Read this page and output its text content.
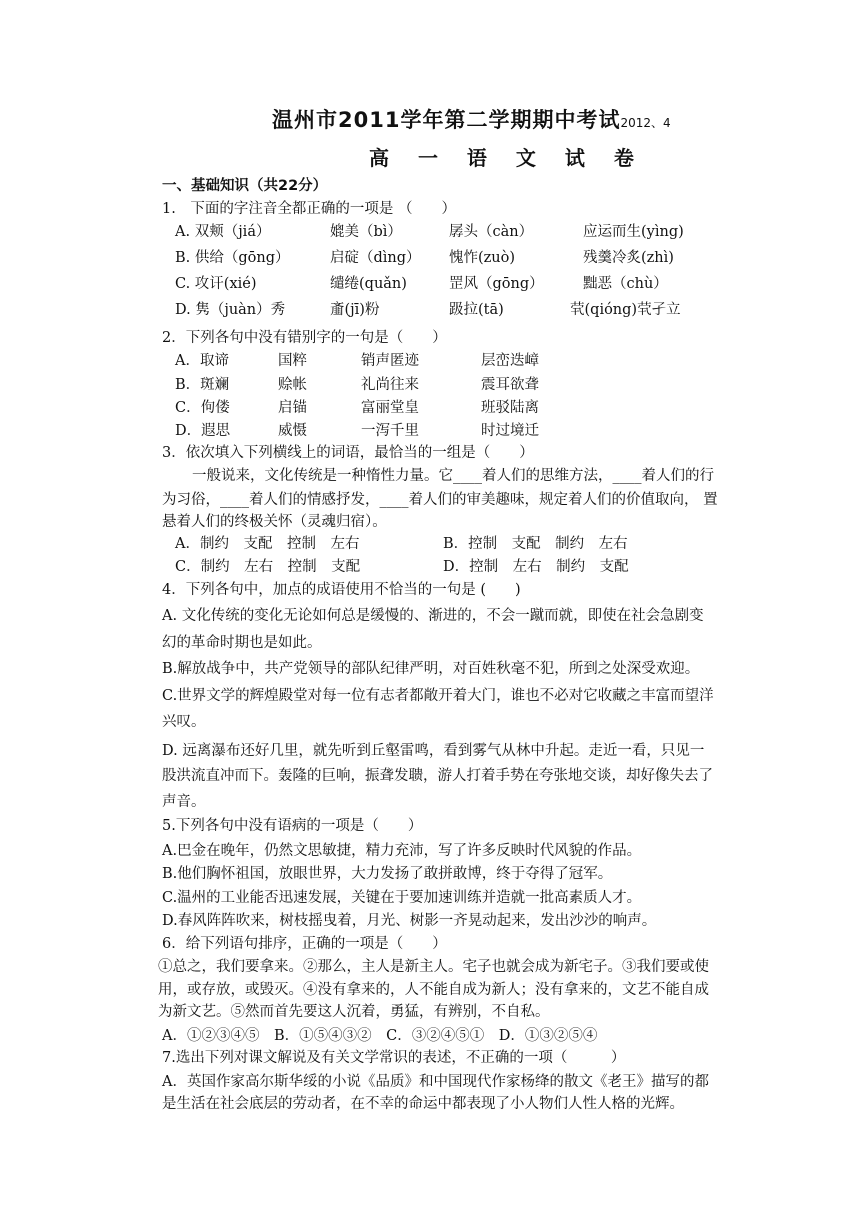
温州市2011学年第二学期期中考试2012、4
高 一 语 文 试 卷
一、基础知识（共22分）
1.　下面的字注音全都正确的一项是 （　　）
A. 双颊（jiá）	媲美（bì）	孱头（càn）	应运而生(yìng)
B. 供给（gōng）	启碇（dìng） 愧怍(zuò)	残羹冷炙(zhì)
C. 攻讦(xié)	缱绻(quǎn)	罡风（gōng）	黜恶（chù）
D. 隽（juàn）秀	齑(jī)粉	趿拉(tā)	茕(qióng)茕孑立
2．下列各句中没有错别字的一句是（　　）
A．取谛	国粹	销声匿迹	层峦迭嶂
B．斑斓	赊帐	礼尚往来	震耳欲聋
C．佝偻	启锚	富丽堂皇	班驳陆离
D．遐思	威慑	一泻千里	时过境迁
3．依次填入下列横线上的词语，最恰当的一组是（　　）
一般说来，文化传统是一种惰性力量。它____着人们的思维方法，____着人们的行
为习俗，____着人们的情感抒发，____着人们的审美趣味，规定着人们的价值取向， 置
悬着人们的终极关怀（灵魂归宿）。
A．制约　支配　控制　左右	B．控制　支配　制约　左右
C．制约　左右　控制　支配	D．控制　左右　制约　支配
4．下列各句中，加点的成语使用不恰当的一句是 (　　)
A. 文化传统的变化无论如何总是缓慢的、渐进的，不会一蹴而就，即使在社会急剧变
幻的革命时期也是如此。
B.解放战争中，共产党领导的部队纪律严明，对百姓秋毫不犯，所到之处深受欢迎。
C.世界文学的辉煌殿堂对每一位有志者都敞开着大门，谁也不必对它收藏之丰富而望洋
兴叹。
D. 远离瀑布还好几里，就先听到丘壑雷鸣，看到雾气从林中升起。走近一看，只见一
股洪流直冲而下。轰隆的巨响，振聋发聩，游人打着手势在夸张地交谈，却好像失去了
声音。
5.下列各句中没有语病的一项是（　　）
A.巴金在晚年，仍然文思敏捷，精力充沛，写了许多反映时代风貌的作品。
B.他们胸怀祖国，放眼世界，大力发扬了敢拼敢博，终于夺得了冠军。
C.温州的工业能否迅速发展，关键在于要加速训练并造就一批高素质人才。
D.春风阵阵吹来，树枝摇曳着，月光、树影一齐晃动起来，发出沙沙的响声。
6．给下列语句排序，正确的一项是（　　）
①总之，我们要拿来。②那么，主人是新主人。宅子也就会成为新宅子。③我们要或使
用，或存放，或毁灭。④没有拿来的，人不能自成为新人；没有拿来的，文艺不能自成
为新文艺。⑤然而首先要这人沉着，勇猛，有辨别，不自私。
A．①②③④⑤　B．①⑤④③②　C．③②④⑤①　D．①③②⑤④
7.选出下列对课文解说及有关文学常识的表述，不正确的一项（　　　）
A．英国作家高尔斯华绥的小说《品质》和中国现代作家杨绛的散文《老王》描写的都
是生活在社会底层的劳动者，在不幸的命运中都表现了小人物们人性人格的光辉。
